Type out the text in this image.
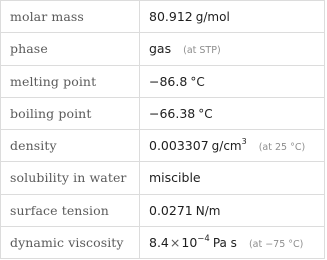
molar mass	80.912 g/mol
phase	gas (at STP)
melting point	−86.8 °C
boiling point	−66.38 °C
density	0.003307 $g/cm^3(at$ 25 °C)
solubility in water	miscible
surface tension	0.0271 N/m
dynamic viscosity	$8.4\times 10^{-4}$ Pa s (at −75 °C)
